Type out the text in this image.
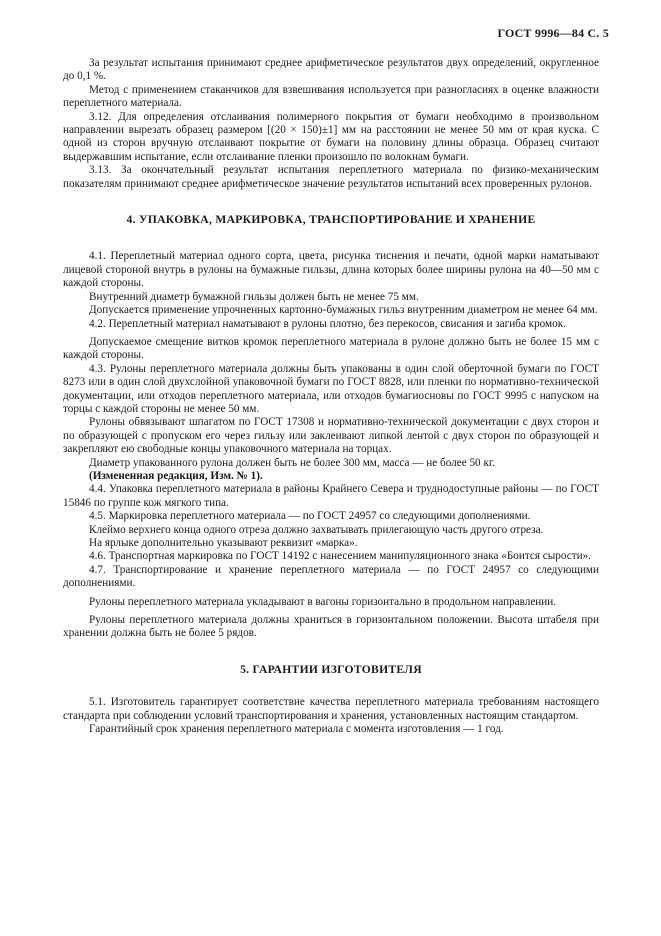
ГОСТ 9996—84 С. 5

За результат испытания принимают среднее арифметическое результатов двух определений, округленное до 0,1 %.

Метод с применением стаканчиков для взвешивания используется при разногласиях в оценке влажности переплетного материала.

3.12. Для определения отслаивания полимерного покрытия от бумаги необходимо в произвольном направлении вырезать образец размером [(20 × 150)±1] мм на расстоянии не менее 50 мм от края куска. С одной из сторон вручную отслаивают покрытие от бумаги на половину длины образца. Образец считают выдержавшим испытание, если отслаивание пленки произошло по волокнам бумаги.

3.13. За окончательный результат испытания переплетного материала по физико-механическим показателям принимают среднее арифметическое значение результатов испытаний всех проверенных рулонов.

4. УПАКОВКА, МАРКИРОВКА, ТРАНСПОРТИРОВАНИЕ И ХРАНЕНИЕ

4.1. Переплетный материал одного сорта, цвета, рисунка тиснения и печати, одной марки наматывают лицевой стороной внутрь в рулоны на бумажные гильзы, длина которых более ширины рулона на 40—50 мм с каждой стороны.

Внутренний диаметр бумажной гильзы должен быть не менее 75 мм.

Допускается применение упрочненных картонно-бумажных гильз внутренним диаметром не менее 64 мм.

4.2. Переплетный материал наматывают в рулоны плотно, без перекосов, свисания и загиба кромок.

Допускаемое смещение витков кромок переплетного материала в рулоне должно быть не более 15 мм с каждой стороны.

4.3. Рулоны переплетного материала должны быть упакованы в один слой оберточной бумаги по ГОСТ 8273 или в один слой двухслойной упаковочной бумаги по ГОСТ 8828, или пленки по нормативно-технической документации, или отходов переплетного материала, или отходов бумагиосновы по ГОСТ 9995 с напуском на торцы с каждой стороны не менее 50 мм.

Рулоны обвязывают шпагатом по ГОСТ 17308 и нормативно-технической документации с двух сторон и по образующей с пропуском его через гильзу или заклеивают липкой лентой с двух сторон по образующей и закрепляют ею свободные концы упаковочного материала на торцах.

Диаметр упакованного рулона должен быть не более 300 мм, масса — не более 50 кг.

(Измененная редакция, Изм. № 1).

4.4. Упаковка переплетного материала в районы Крайнего Севера и труднодоступные районы — по ГОСТ 15846 по группе кож мягкого типа.

4.5. Маркировка переплетного материала — по ГОСТ 24957 со следующими дополнениями.

Клеймо верхнего конца одного отреза должно захватывать прилегающую часть другого отреза.

На ярлыке дополнительно указывают реквизит «марка».

4.6. Транспортная маркировка по ГОСТ 14192 с нанесением манипуляционного знака «Боится сырости».

4.7. Транспортирование и хранение переплетного материала — по ГОСТ 24957 со следующими дополнениями.

Рулоны переплетного материала укладывают в вагоны горизонтально в продольном направлении.

Рулоны переплетного материала должны храниться в горизонтальном положении. Высота штабеля при хранении должна быть не более 5 рядов.

5. ГАРАНТИИ ИЗГОТОВИТЕЛЯ

5.1. Изготовитель гарантирует соответствие качества переплетного материала требованиям настоящего стандарта при соблюдении условий транспортирования и хранения, установленных настоящим стандартом.

Гарантийный срок хранения переплетного материала с момента изготовления — 1 год.
